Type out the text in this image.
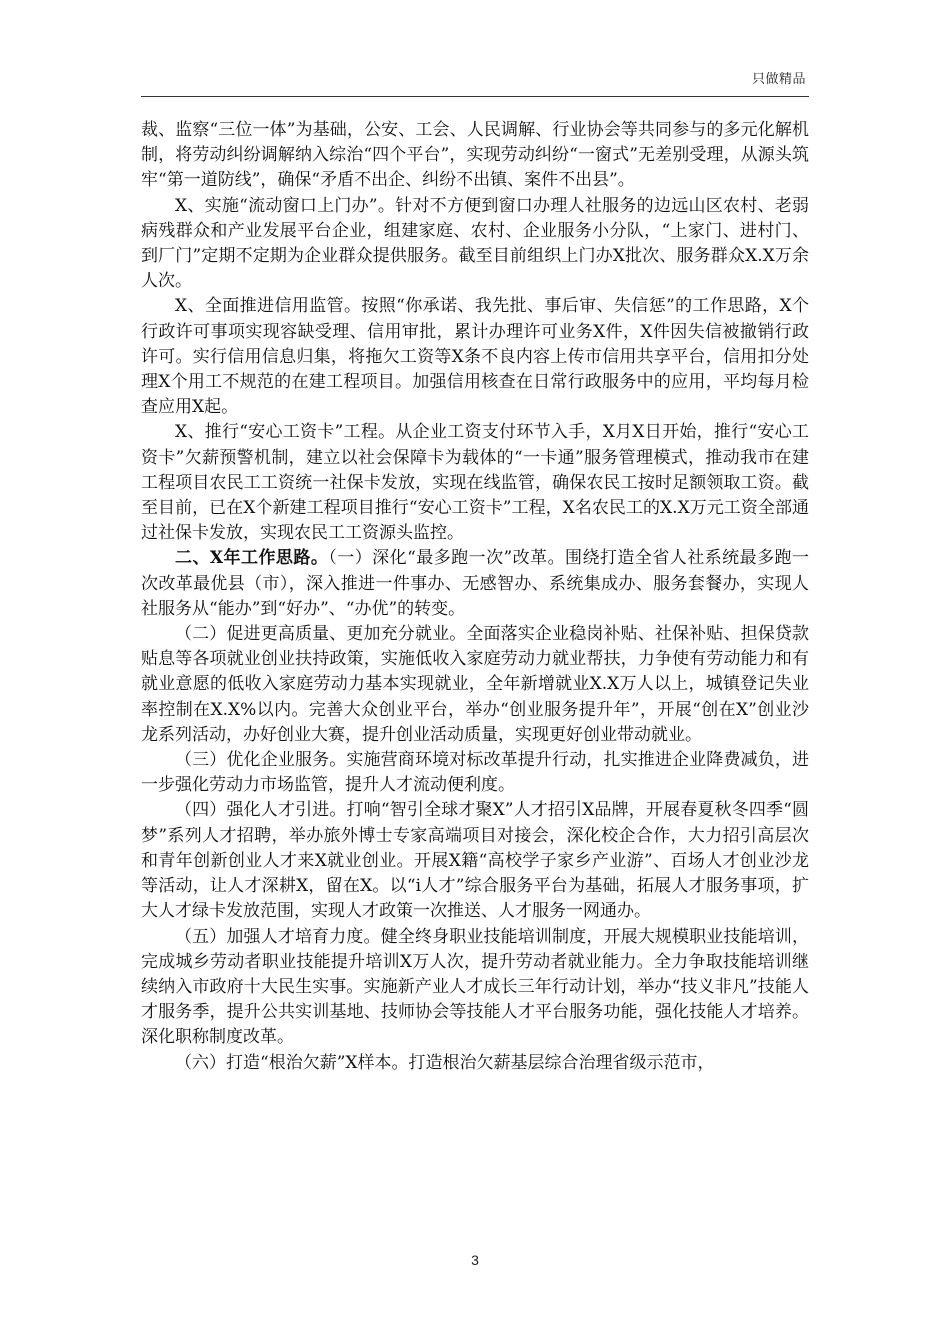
只做精品

裁、监察“三位一体”为基础，公安、工会、人民调解、行业协会等共同参与的多元化解机制，将劳动纠纷调解纳入综治“四个平台”，实现劳动纠纷“一窗式”无差别受理，从源头筑牢“第一道防线”，确保“矛盾不出企、纠纷不出镇、案件不出县”。

X、实施“流动窗口上门办”。针对不方便到窗口办理人社服务的边远山区农村、老弱病残群众和产业发展平台企业，组建家庭、农村、企业服务小分队，“上家门、进村门、到厂门”定期不定期为企业群众提供服务。截至目前组织上门办X批次、服务群众X.X万余人次。

X、全面推进信用监管。按照“你承诺、我先批、事后审、失信惩”的工作思路，X个行政许可事项实现容缺受理、信用审批，累计办理许可业务X件，X件因失信被撤销行政许可。实行信用信息归集，将拖欠工资等X条不良内容上传市信用共享平台，信用扣分处理X个用工不规范的在建工程项目。加强信用核查在日常行政服务中的应用，平均每月检查应用X起。

X、推行“安心工资卡”工程。从企业工资支付环节入手，X月X日开始，推行“安心工资卡”欠薪预警机制，建立以社会保障卡为载体的“一卡通”服务管理模式，推动我市在建工程项目农民工工资统一社保卡发放，实现在线监管，确保农民工按时足额领取工资。截至目前，已在X个新建工程项目推行“安心工资卡”工程，X名农民工的X.X万元工资全部通过社保卡发放，实现农民工工资源头监控。

二、X年工作思路。（一）深化“最多跑一次”改革。围绕打造全省人社系统最多跑一次改革最优县（市），深入推进一件事办、无感智办、系统集成办、服务套餐办，实现人社服务从“能办”到“好办”、“办优”的转变。

（二）促进更高质量、更加充分就业。全面落实企业稳岗补贴、社保补贴、担保贷款贴息等各项就业创业扶持政策，实施低收入家庭劳动力就业帮扶，力争使有劳动能力和有就业意愿的低收入家庭劳动力基本实现就业，全年新增就业X.X万人以上，城镇登记失业率控制在X.X%以内。完善大众创业平台，举办“创业服务提升年”，开展“创在X”创业沙龙系列活动，办好创业大赛，提升创业活动质量，实现更好创业带动就业。

（三）优化企业服务。实施营商环境对标改革提升行动，扎实推进企业降费减负，进一步强化劳动力市场监管，提升人才流动便利度。

（四）强化人才引进。打响“智引全球才聚X”人才招引X品牌，开展春夏秋冬四季“圆梦”系列人才招聘，举办旅外博士专家高端项目对接会，深化校企合作，大力招引高层次和青年创新创业人才来X就业创业。开展X籍“高校学子家乡产业游”、百场人才创业沙龙等活动，让人才深耕X，留在X。以“i人才”综合服务平台为基础，拓展人才服务事项，扩大人才绿卡发放范围，实现人才政策一次推送、人才服务一网通办。

（五）加强人才培育力度。健全终身职业技能培训制度，开展大规模职业技能培训，完成城乡劳动者职业技能提升培训X万人次，提升劳动者就业能力。全力争取技能培训继续纳入市政府十大民生实事。实施新产业人才成长三年行动计划，举办“技义非凡”技能人才服务季，提升公共实训基地、技师协会等技能人才平台服务功能，强化技能人才培养。深化职称制度改革。

（六）打造“根治欠薪”X样本。打造根治欠薪基层综合治理省级示范市，

3
